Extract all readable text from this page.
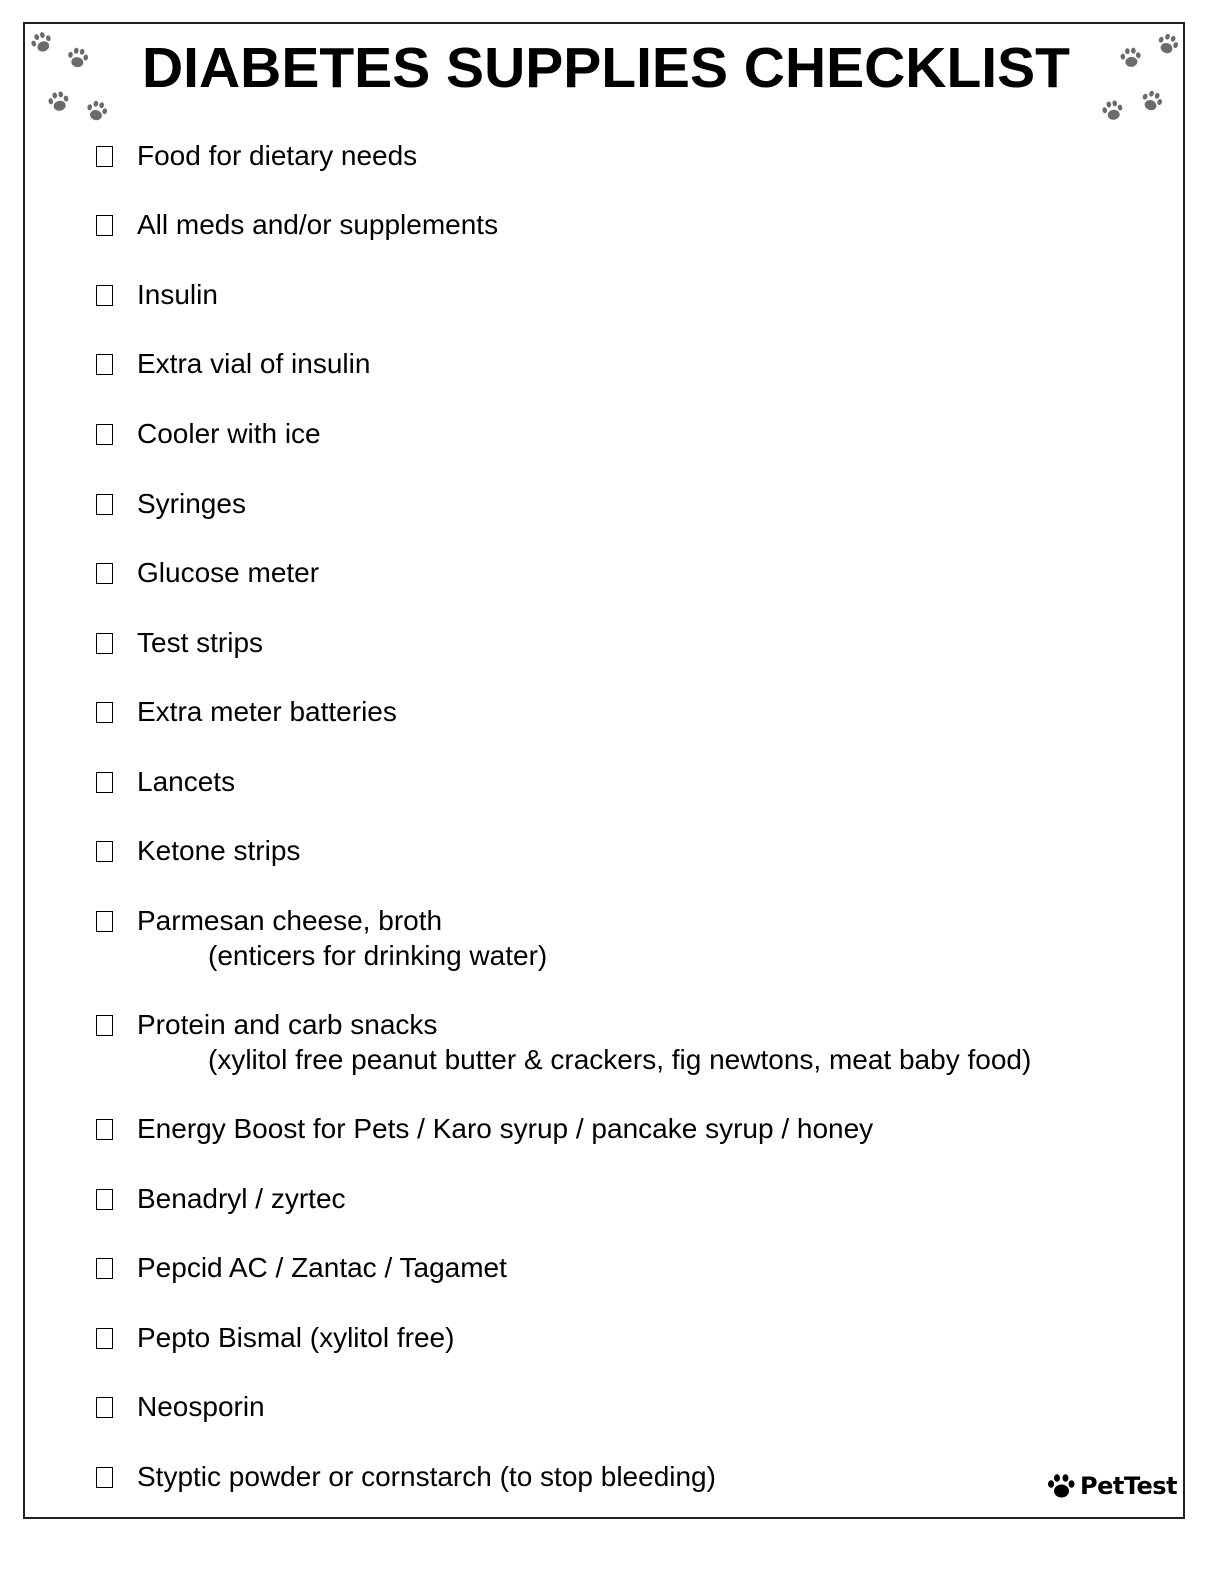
DIABETES SUPPLIES CHECKLIST
Food for dietary needs
All meds and/or supplements
Insulin
Extra vial of insulin
Cooler with ice
Syringes
Glucose meter
Test strips
Extra meter batteries
Lancets
Ketone strips
Parmesan cheese, broth
(enticers for drinking water)
Protein and carb snacks
(xylitol free peanut butter & crackers, fig newtons, meat baby food)
Energy Boost for Pets / Karo syrup / pancake syrup / honey
Benadryl / zyrtec
Pepcid AC / Zantac / Tagamet
Pepto Bismal (xylitol free)
Neosporin
Styptic powder or cornstarch (to stop bleeding)	PetTest
